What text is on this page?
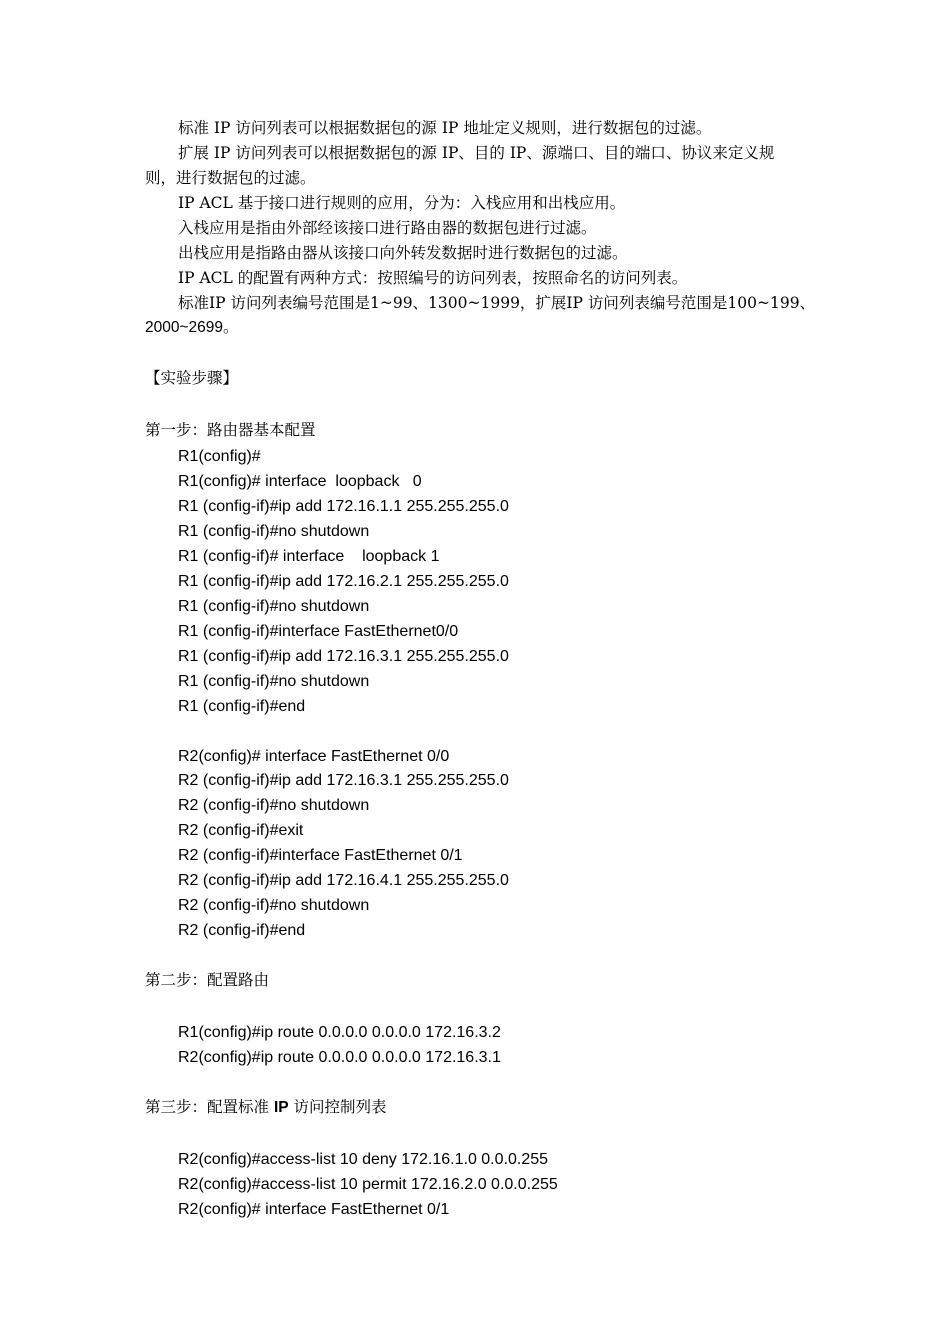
标准 IP 访问列表可以根据数据包的源 IP 地址定义规则，进行数据包的过滤。
扩展 IP 访问列表可以根据数据包的源 IP、目的 IP、源端口、目的端口、协议来定义规
则，进行数据包的过滤。
IP ACL 基于接口进行规则的应用，分为：入栈应用和出栈应用。
入栈应用是指由外部经该接口进行路由器的数据包进行过滤。
出栈应用是指路由器从该接口向外转发数据时进行数据包的过滤。
IP ACL 的配置有两种方式：按照编号的访问列表，按照命名的访问列表。
标准IP 访问列表编号范围是1~99、1300~1999，扩展IP 访问列表编号范围是100~199、
2000~2699。
【实验步骤】
第一步：路由器基本配置
R1(config)#
R1(config)# interface  loopback   0
R1 (config-if)#ip add 172.16.1.1 255.255.255.0
R1 (config-if)#no shutdown
R1 (config-if)# interface    loopback 1
R1 (config-if)#ip add 172.16.2.1 255.255.255.0
R1 (config-if)#no shutdown
R1 (config-if)#interface FastEthernet0/0
R1 (config-if)#ip add 172.16.3.1 255.255.255.0
R1 (config-if)#no shutdown
R1 (config-if)#end
R2(config)# interface FastEthernet 0/0
R2 (config-if)#ip add 172.16.3.1 255.255.255.0
R2 (config-if)#no shutdown
R2 (config-if)#exit
R2 (config-if)#interface FastEthernet 0/1
R2 (config-if)#ip add 172.16.4.1 255.255.255.0
R2 (config-if)#no shutdown
R2 (config-if)#end
第二步：配置路由
R1(config)#ip route 0.0.0.0 0.0.0.0 172.16.3.2
R2(config)#ip route 0.0.0.0 0.0.0.0 172.16.3.1
第三步：配置标准 IP 访问控制列表
R2(config)#access-list 10 deny 172.16.1.0 0.0.0.255
R2(config)#access-list 10 permit 172.16.2.0 0.0.0.255
R2(config)# interface FastEthernet 0/1
